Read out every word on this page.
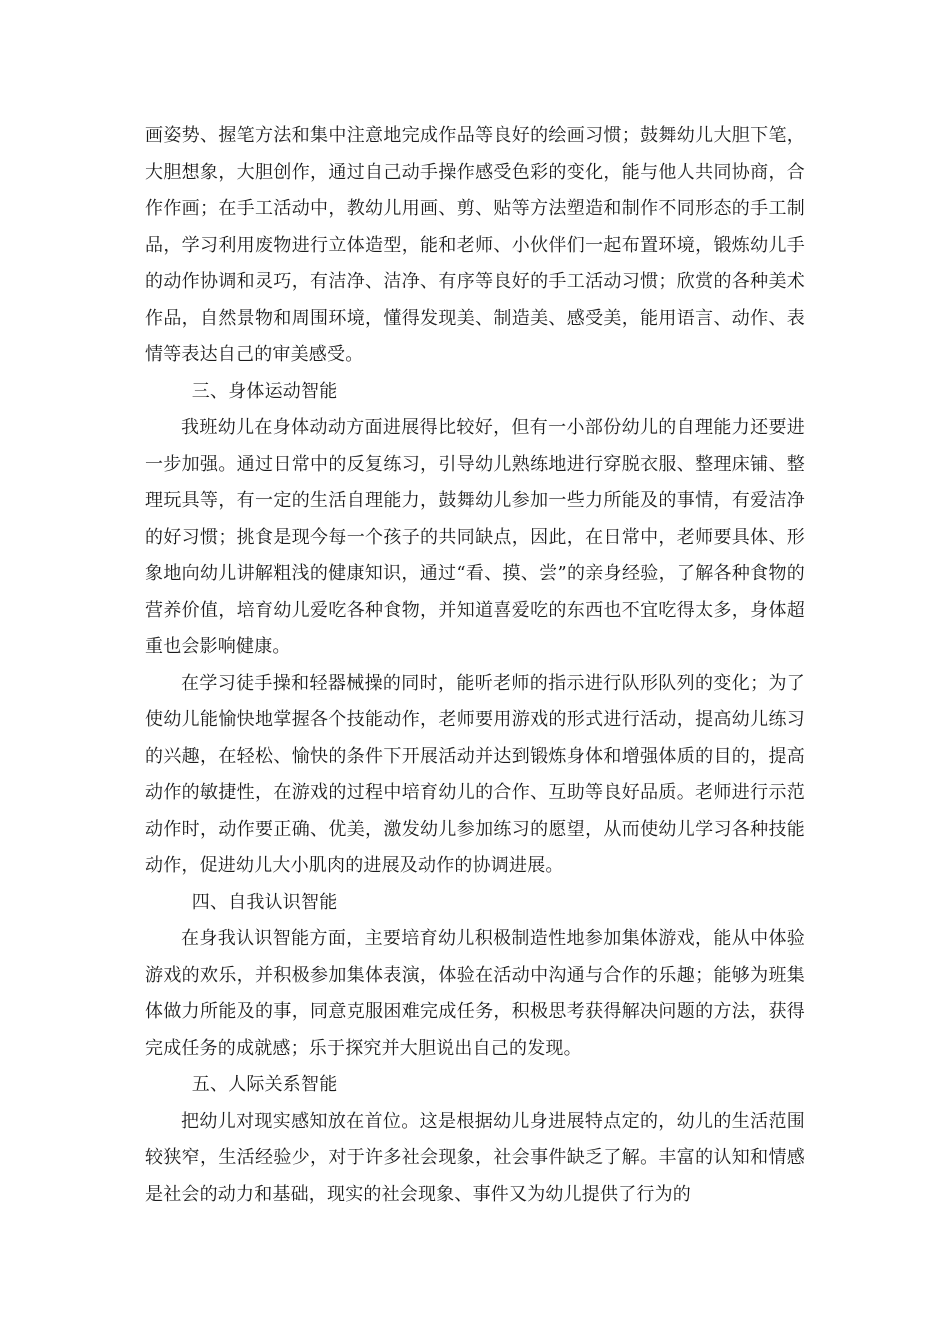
画姿势、握笔方法和集中注意地完成作品等良好的绘画习惯；鼓舞幼儿大胆下笔，大胆想象，大胆创作，通过自己动手操作感受色彩的变化，能与他人共同协商，合作作画；在手工活动中，教幼儿用画、剪、贴等方法塑造和制作不同形态的手工制品，学习利用废物进行立体造型，能和老师、小伙伴们一起布置环境，锻炼幼儿手的动作协调和灵巧，有洁净、洁净、有序等良好的手工活动习惯；欣赏的各种美术作品，自然景物和周围环境，懂得发现美、制造美、感受美，能用语言、动作、表情等表达自己的审美感受。

三、身体运动智能

我班幼儿在身体动动方面进展得比较好，但有一小部份幼儿的自理能力还要进一步加强。通过日常中的反复练习，引导幼儿熟练地进行穿脱衣服、整理床铺、整理玩具等，有一定的生活自理能力，鼓舞幼儿参加一些力所能及的事情，有爱洁净的好习惯；挑食是现今每一个孩子的共同缺点，因此，在日常中，老师要具体、形象地向幼儿讲解粗浅的健康知识，通过“看、摸、尝”的亲身经验，了解各种食物的营养价值，培育幼儿爱吃各种食物，并知道喜爱吃的东西也不宜吃得太多，身体超重也会影响健康。

在学习徒手操和轻器械操的同时，能听老师的指示进行队形队列的变化；为了使幼儿能愉快地掌握各个技能动作，老师要用游戏的形式进行活动，提高幼儿练习的兴趣，在轻松、愉快的条件下开展活动并达到锻炼身体和增强体质的目的，提高动作的敏捷性，在游戏的过程中培育幼儿的合作、互助等良好品质。老师进行示范动作时，动作要正确、优美，激发幼儿参加练习的愿望，从而使幼儿学习各种技能动作，促进幼儿大小肌肉的进展及动作的协调进展。

四、自我认识智能

在身我认识智能方面，主要培育幼儿积极制造性地参加集体游戏，能从中体验游戏的欢乐，并积极参加集体表演，体验在活动中沟通与合作的乐趣；能够为班集体做力所能及的事，同意克服困难完成任务，积极思考获得解决问题的方法，获得完成任务的成就感；乐于探究并大胆说出自己的发现。

五、人际关系智能

把幼儿对现实感知放在首位。这是根据幼儿身进展特点定的，幼儿的生活范围较狭窄，生活经验少，对于许多社会现象，社会事件缺乏了解。丰富的认知和情感是社会的动力和基础，现实的社会现象、事件又为幼儿提供了行为的
